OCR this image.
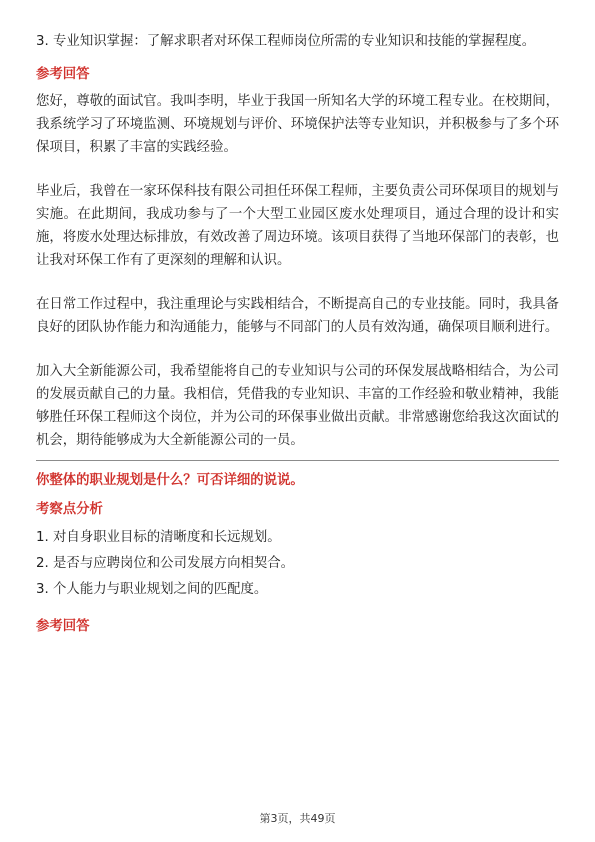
3. 专业知识掌握：了解求职者对环保工程师岗位所需的专业知识和技能的掌握程度。

参考回答

您好，尊敬的面试官。我叫李明，毕业于我国一所知名大学的环境工程专业。在校期间，我系统学习了环境监测、环境规划与评价、环境保护法等专业知识，并积极参与了多个环保项目，积累了丰富的实践经验。

毕业后，我曾在一家环保科技有限公司担任环保工程师，主要负责公司环保项目的规划与实施。在此期间，我成功参与了一个大型工业园区废水处理项目，通过合理的设计和实施，将废水处理达标排放，有效改善了周边环境。该项目获得了当地环保部门的表彰，也让我对环保工作有了更深刻的理解和认识。

在日常工作过程中，我注重理论与实践相结合，不断提高自己的专业技能。同时，我具备良好的团队协作能力和沟通能力，能够与不同部门的人员有效沟通，确保项目顺利进行。

加入大全新能源公司，我希望能将自己的专业知识与公司的环保发展战略相结合，为公司的发展贡献自己的力量。我相信，凭借我的专业知识、丰富的工作经验和敬业精神，我能够胜任环保工程师这个岗位，并为公司的环保事业做出贡献。非常感谢您给我这次面试的机会，期待能够成为大全新能源公司的一员。

你整体的职业规划是什么？可否详细的说说。

考察点分析

1. 对自身职业目标的清晰度和长远规划。
2. 是否与应聘岗位和公司发展方向相契合。
3. 个人能力与职业规划之间的匹配度。

参考回答

第3页，共49页
